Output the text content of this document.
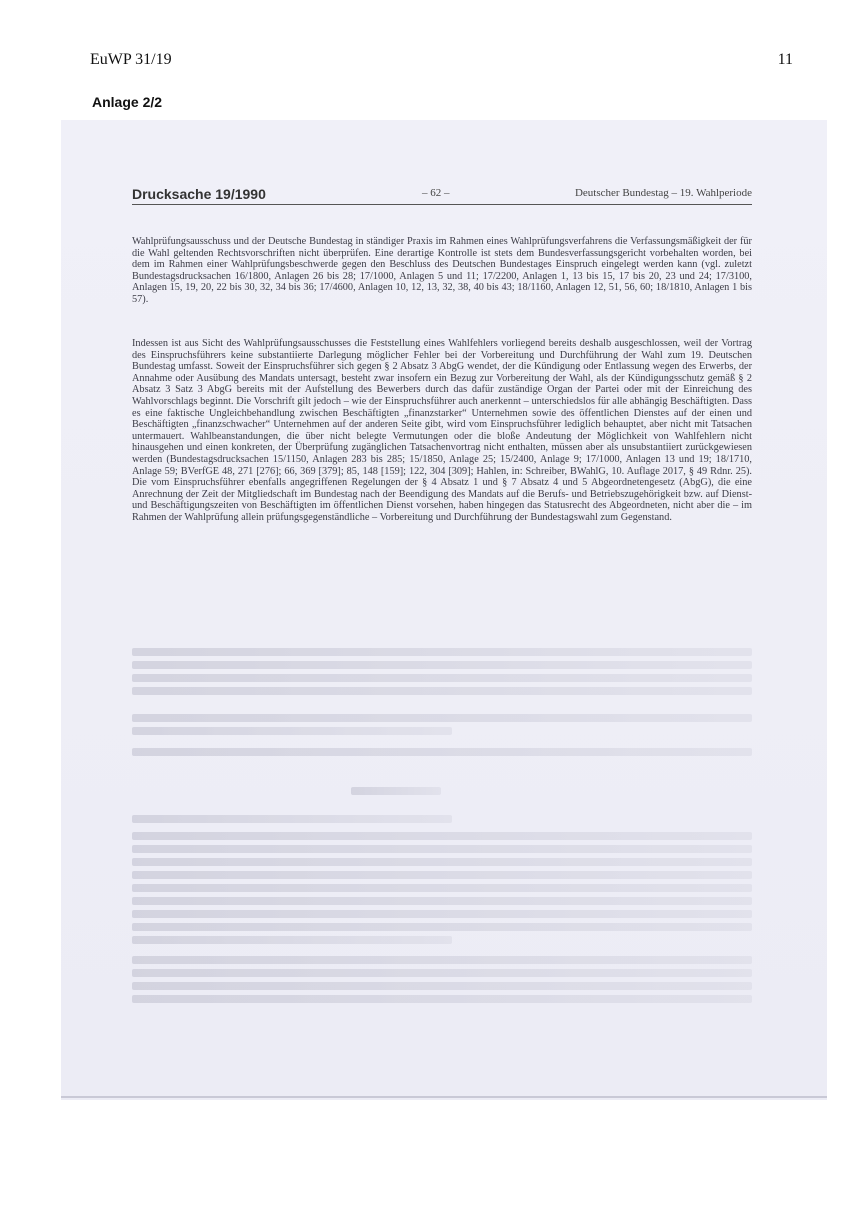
EuWP 31/19	11
Anlage 2/2
Drucksache 19/1990	– 62 –	Deutscher Bundestag – 19. Wahlperiode
Wahlprüfungsausschuss und der Deutsche Bundestag in ständiger Praxis im Rahmen eines Wahlprüfungsverfahrens die Verfassungsmäßigkeit der für die Wahl geltenden Rechtsvorschriften nicht überprüfen. Eine derartige Kontrolle ist stets dem Bundesverfassungsgericht vorbehalten worden, bei dem im Rahmen einer Wahlprüfungsbeschwerde gegen den Beschluss des Deutschen Bundestages Einspruch eingelegt werden kann (vgl. zuletzt Bundestagsdrucksachen 16/1800, Anlagen 26 bis 28; 17/1000, Anlagen 5 und 11; 17/2200, Anlagen 1, 13 bis 15, 17 bis 20, 23 und 24; 17/3100, Anlagen 15, 19, 20, 22 bis 30, 32, 34 bis 36; 17/4600, Anlagen 10, 12, 13, 32, 38, 40 bis 43; 18/1160, Anlagen 12, 51, 56, 60; 18/1810, Anlagen 1 bis 57).
Indessen ist aus Sicht des Wahlprüfungsausschusses die Feststellung eines Wahlfehlers vorliegend bereits deshalb ausgeschlossen, weil der Vortrag des Einspruchsführers keine substantiierte Darlegung möglicher Fehler bei der Vorbereitung und Durchführung der Wahl zum 19. Deutschen Bundestag umfasst. Soweit der Einspruchsführer sich gegen § 2 Absatz 3 AbgG wendet, der die Kündigung oder Entlassung wegen des Erwerbs, der Annahme oder Ausübung des Mandats untersagt, besteht zwar insofern ein Bezug zur Vorbereitung der Wahl, als der Kündigungsschutz gemäß § 2 Absatz 3 Satz 3 AbgG bereits mit der Aufstellung des Bewerbers durch das dafür zuständige Organ der Partei oder mit der Einreichung des Wahlvorschlags beginnt. Die Vorschrift gilt jedoch – wie der Einspruchsführer auch anerkennt – unterschiedslos für alle abhängig Beschäftigten. Dass es eine faktische Ungleichbehandlung zwischen Beschäftigten „finanzstarker“ Unternehmen sowie des öffentlichen Dienstes auf der einen und Beschäftigten „finanzschwacher“ Unternehmen auf der anderen Seite gibt, wird vom Einspruchsführer lediglich behauptet, aber nicht mit Tatsachen untermauert. Wahlbeanstandungen, die über nicht belegte Vermutungen oder die bloße Andeutung der Möglichkeit von Wahlfehlern nicht hinausgehen und einen konkreten, der Überprüfung zugänglichen Tatsachenvortrag nicht enthalten, müssen aber als unsubstantiiert zurückgewiesen werden (Bundestagsdrucksachen 15/1150, Anlagen 283 bis 285; 15/1850, Anlage 25; 15/2400, Anlage 9; 17/1000, Anlagen 13 und 19; 18/1710, Anlage 59; BVerfGE 48, 271 [276]; 66, 369 [379]; 85, 148 [159]; 122, 304 [309]; Hahlen, in: Schreiber, BWahlG, 10. Auflage 2017, § 49 Rdnr. 25). Die vom Einspruchsführer ebenfalls angegriffenen Regelungen der § 4 Absatz 1 und § 7 Absatz 4 und 5 Abgeordnetengesetz (AbgG), die eine Anrechnung der Zeit der Mitgliedschaft im Bundestag nach der Beendigung des Mandats auf die Berufs- und Betriebszugehörigkeit bzw. auf Dienst- und Beschäftigungszeiten von Beschäftigten im öffentlichen Dienst vorsehen, haben hingegen das Statusrecht des Abgeordneten, nicht aber die – im Rahmen der Wahlprüfung allein prüfungsgegenständliche – Vorbereitung und Durchführung der Bundestagswahl zum Gegenstand.
